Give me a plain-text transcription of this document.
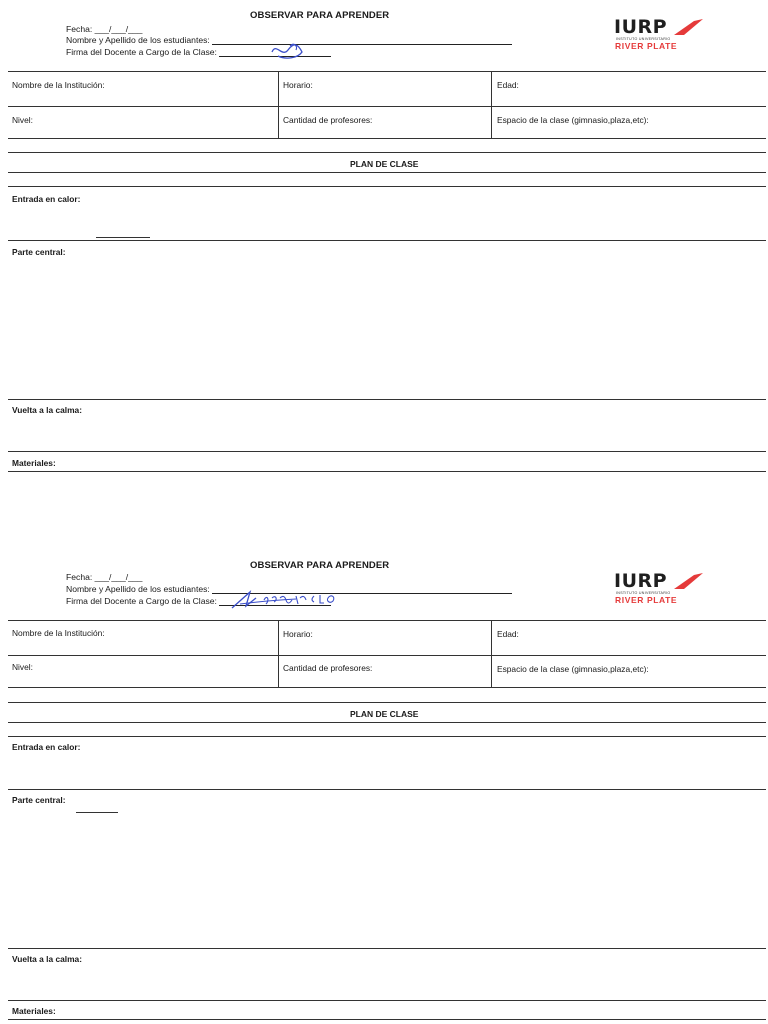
OBSERVAR PARA APRENDER
Fecha: ___/___/___
Nombre y Apellido de los estudiantes:
Firma del Docente a Cargo de la Clase:
IURP
INSTITUTO UNIVERSITARIO
RIVER PLATE
Nombre de la Institución:	Horario:	Edad:
Nivel:	Cantidad de profesores:	Espacio de la clase (gimnasio,plaza,etc):
PLAN DE CLASE
Entrada en calor:
Parte central:
Vuelta a la calma:
Materiales:
OBSERVAR PARA APRENDER
Fecha: ___/___/___
Nombre y Apellido de los estudiantes:
Firma del Docente a Cargo de la Clase:
IURP
INSTITUTO UNIVERSITARIO
RIVER PLATE
Nombre de la Institución:	Horario:	Edad:
Nivel:	Cantidad de profesores:	Espacio de la clase (gimnasio,plaza,etc):
PLAN DE CLASE
Entrada en calor:
Parte central:
Vuelta a la calma:
Materiales:
